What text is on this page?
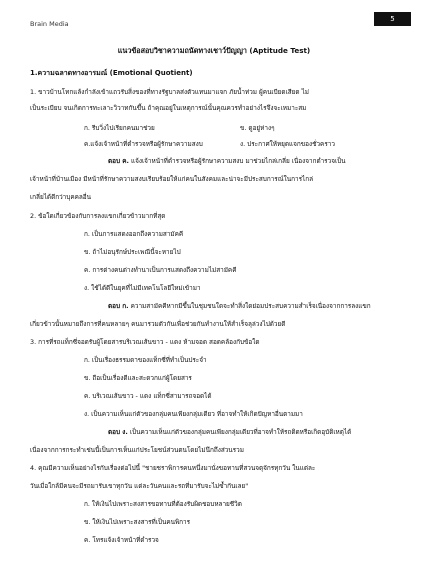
Brain Media
5
แนวข้อสอบวิชาความถนัดทางเชาว์ปัญญา (Aptitude Test)
1.ความฉลาดทางอารมณ์ (Emotional Quotient)
1. ขาวบ้านโทกแล้งกำลังเข้าแถวรับสิ่งของที่ทางรัฐบาลส่งตัวแทนมาแจก ภัยน้ำท่วม ผู้คนเบียดเสียด ไม่
เป็นระเบียบ จนเกิดการทะเลาะวิวาทกันขึ้น ถ้าคุณอยู่ในเหตุการณ์นั้นคุณควรทำอย่างไรจึงจะเหมาะสม
ก. รีบวิ่งไปเรียกคนมาช่วย	ข. ดูอยู่ห่างๆ
ค.แจ้งเจ้าหน้าที่ตำรวจหรือผู้รักษาความสงบ	ง. ประกาศให้หยุดแจกของชั่วคราว
ตอบ ค. แจ้งเจ้าหน้าที่ตำรวจหรือผู้รักษาความสงบ มาช่วยไกล่เกลี่ย เนื่องจากตำรวจเป็น
เจ้าหน้าที่บ้านเมือง มีหน้าที่รักษาความสงบเรียบร้อยให้แก่คนในสังคมและน่าจะมีประสบการณ์ในการไกล่
เกลี่ยได้ดีกว่าบุคคลอื่น
2. ข้อใดเกี่ยวข้องกับการลงแขกเกี่ยวข้าวมากที่สุด
ก. เป็นการแสดงออกถึงความสามัคคี
ข. ถ้าไม่อนุรักษ์ประเพณีนี้จะหายไป
ค. การต่างคนต่างทำนาเป็นการแสดงถึงความไม่สามัคคี
ง. ใช้ได้ดีในยุคที่ไม่มีเทคโนโลยีใหม่เข้ามา
ตอบ ก. ความสามัคคีหากมีขึ้นในชุมชนใดจะทำสิ่งใดย่อมประสบความสำเร็จเนื่องจากการลงแขก
เกี่ยวข้าวนั้นหมายถึงการที่คนหลายๆ คนมารวมตัวกันเพื่อช่วยกันทำงานให้สำเร็จลุล่วงไปด้วยดี
3. การที่รถแท็กซี่จอดรับผู้โดยสารบริเวณเส้นขาว - แดง ห้ามจอด สอดคล้องกับข้อใด
ก. เป็นเรื่องธรรมดาของแท็กซี่ที่ทำเป็นประจำ
ข. ถือเป็นเรื่องดีและสะดวกแก่ผู้โดยสาร
ค. บริเวณเส้นขาว - แดง แท็กซี่สามารถจอดได้
ง. เป็นความเห็นแก่ตัวของกลุ่มคนเพียงกลุ่มเดียว ที่อาจทำให้เกิดปัญหาอื่นตามมา
ตอบ ง. เป็นความเห็นแก่ตัวของกลุ่มคนเพียงกลุ่มเดียวที่อาจทำให้รถติดหรือเกิดอุบัติเหตุได้
เนื่องจากการกระทำเช่นนี้เป็นการเห็นแก่ประโยชน์ส่วนตนโดยไม่นึกถึงส่วนรวม
4. คุณมีความเห็นอย่างไรกับเรื่องต่อไปนี้ "ชายชราพิการคนหนึ่งมานั่งขอทานที่สวนจตุจักรทุกวัน ในแต่ละ
วันเมื่อใกล้มีคนจะมีรถมารับเขาทุกวัน แต่ละวันคนและรถที่มารับจะไม่ซ้ำกันเลย"
ก. ให้เงินไปเพราะสงสารขอทานที่ต้องรับผิดชอบหลายชีวิต
ข. ให้เงินไปเพราะสงสารที่เป็นคนพิการ
ค. โทรแจ้งเจ้าหน้าที่ตำรวจ
